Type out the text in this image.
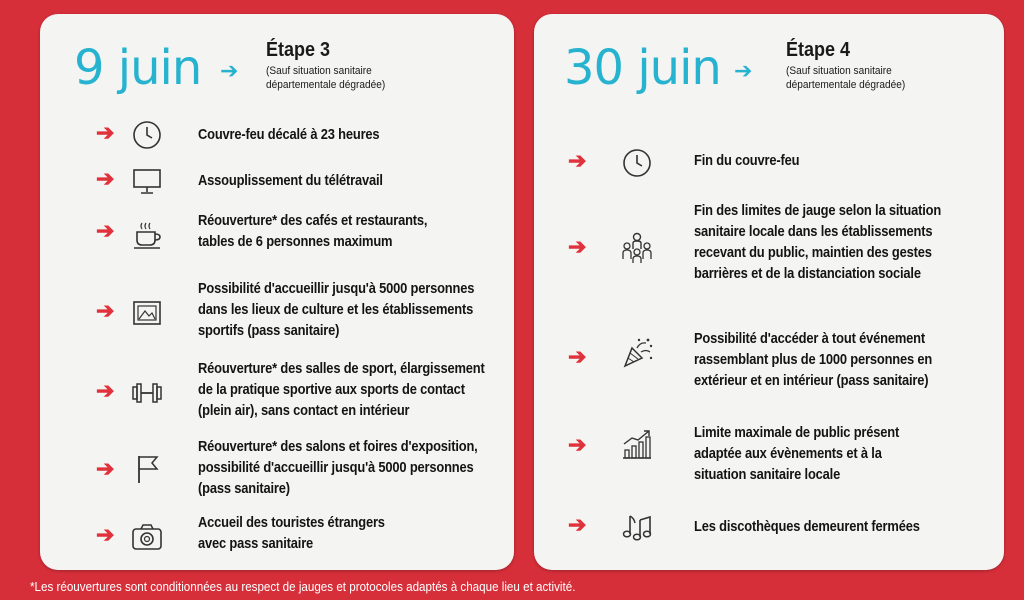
9 juin ➔
Étape 3
(Sauf situation sanitaire
départementale dégradée)
➔	Couvre-feu décalé à 23 heures
➔	Assouplissement du télétravail
➔	Réouverture* des cafés et restaurants,
tables de 6 personnes maximum
➔
Possibilité d'accueillir jusqu'à 5000 personnes
dans les lieux de culture et les établissements
sportifs (pass sanitaire)
➔
Réouverture* des salles de sport, élargissement
de la pratique sportive aux sports de contact
(plein air), sans contact en intérieur
➔
Réouverture* des salons et foires d'exposition,
possibilité d'accueillir jusqu'à 5000 personnes
(pass sanitaire)
➔	Accueil des touristes étrangers
avec pass sanitaire
30 juin ➔
Étape 4
(Sauf situation sanitaire
départementale dégradée)
➔	Fin du couvre-feu
➔
Fin des limites de jauge selon la situation
sanitaire locale dans les établissements
recevant du public, maintien des gestes
barrières et de la distanciation sociale
➔
Possibilité d'accéder à tout événement
rassemblant plus de 1000 personnes en
extérieur et en intérieur (pass sanitaire)
➔	Limite maximale de public présent
adaptée aux évènements et à la
situation sanitaire locale
➔	Les discothèques demeurent fermées
*Les réouvertures sont conditionnées au respect de jauges et protocoles adaptés à chaque lieu et activité.
